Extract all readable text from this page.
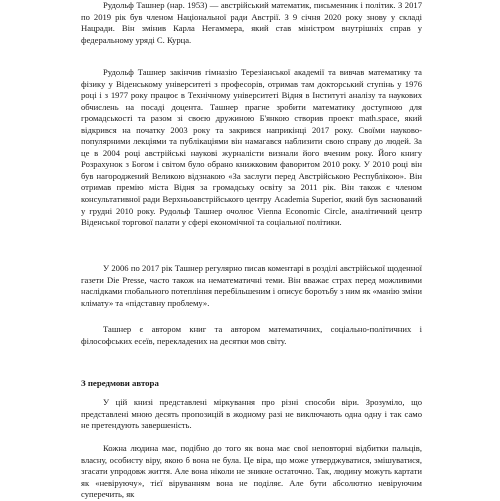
Рудольф Ташнер (нар. 1953) — австрійський математик, письменник і політик. З 2017 по 2019 рік був членом Національної ради Австрії. З 9 січня 2020 року знову у складі Нацради. Він змінив Карла Негаммера, який став міністром внутрішніх справ у федеральному уряді С. Курца.

Рудольф Ташнер закінчив гімназію Терезіанської академії та вивчав математику та фізику у Віденському університеті з професорів, отримав там докторський ступінь у 1976 році і з 1977 року працює в Технічному університеті Відня в Інституті аналізу та наукових обчислень на посаді доцента. Ташнер прагне зробити математику доступною для громадськості та разом зі своєю дружиною Б'янкою створив проект math.space, який відкрився на початку 2003 року та закрився наприкінці 2017 року. Своїми науково-популярними лекціями та публікаціями він намагався наблизити свою справу до людей. За це в 2004 році австрійські наукові журналісти визнали його вченим року. Його книгу Розрахунок з Богом і світом було обрано книжковим фаворитом 2010 року. У 2010 році він був нагороджений Великою відзнакою «За заслуги перед Австрійською Республікою». Він отримав премію міста Відня за громадську освіту за 2011 рік. Він також є членом консультативної ради Верхньоавстрійського центру Academia Superior, який був заснований у грудні 2010 року. Рудольф Ташнер очолює Vienna Economic Circle, аналітичний центр Віденської торгової палати у сфері економічної та соціальної політики.

У 2006 по 2017 рік Ташнер регулярно писав коментарі в розділі австрійської щоденної газети Die Presse, часто також на нематематичні теми. Він вважає страх перед можливими наслідками глобального потепління перебільшеним і описує боротьбу з ним як «манію зміни клімату» та «підставну проблему».

Ташнер є автором книг та автором математичних, соціально-політичних і філософських есеїв, перекладених на десятки мов світу.

З передмови автора

У цій книзі представлені міркування про різні способи віри. Зрозуміло, що представлені мною десять пропозицій в жодному разі не виключають одна одну і так само не претендують завершеність.

Кожна людина має, подібно до того як вона має свої неповторні відбитки пальців, власну, особисту віру, якою б вона не була. Це віра, що може утверджуватися, змішуватися, згасати упродовж життя. Але вона ніколи не зникне остаточно. Так, людину можуть картати як «невіруючу», тієї віруванням вона не поділяє. Але бути абсолютно невіруючим суперечить, як
